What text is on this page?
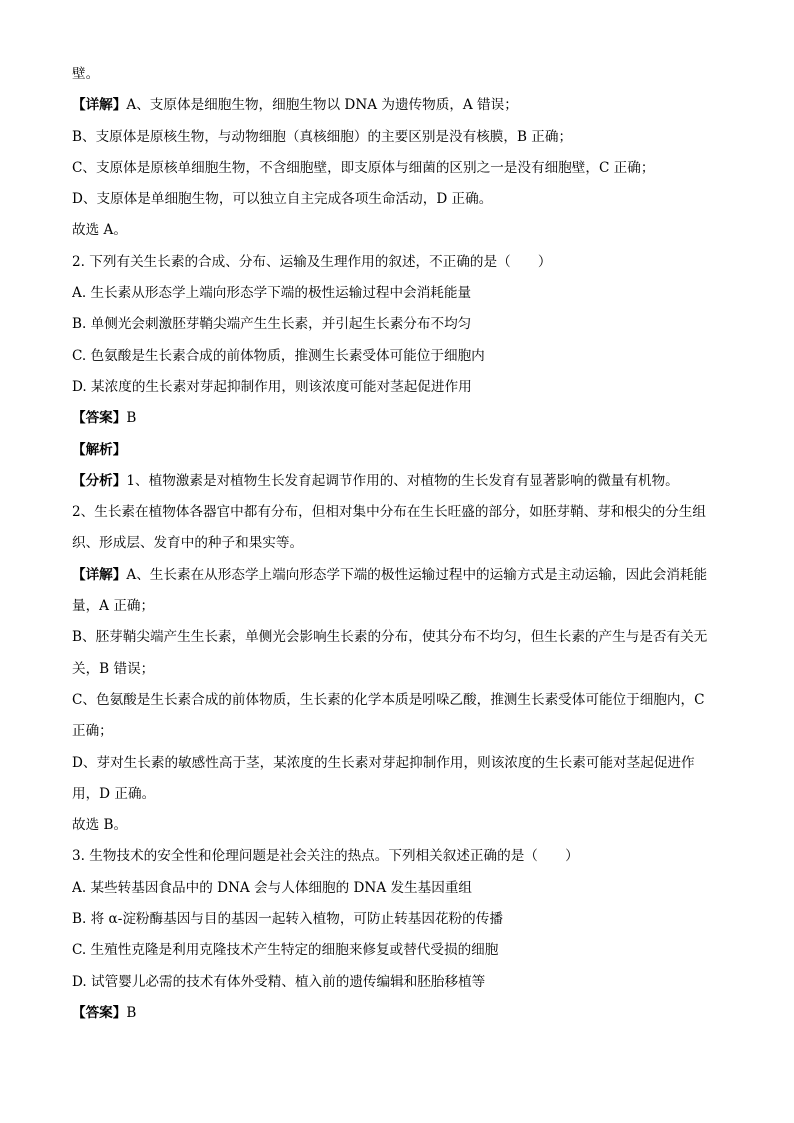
壁。
【详解】A、支原体是细胞生物，细胞生物以 DNA 为遗传物质，A 错误；
B、支原体是原核生物，与动物细胞（真核细胞）的主要区别是没有核膜，B 正确；
C、支原体是原核单细胞生物，不含细胞壁，即支原体与细菌的区别之一是没有细胞壁，C 正确；
D、支原体是单细胞生物，可以独立自主完成各项生命活动，D 正确。
故选 A。
2. 下列有关生长素的合成、分布、运输及生理作用的叙述，不正确的是（　　）
A. 生长素从形态学上端向形态学下端的极性运输过程中会消耗能量
B. 单侧光会刺激胚芽鞘尖端产生生长素，并引起生长素分布不均匀
C. 色氨酸是生长素合成的前体物质，推测生长素受体可能位于细胞内
D. 某浓度的生长素对芽起抑制作用，则该浓度可能对茎起促进作用
【答案】B
【解析】
【分析】1、植物激素是对植物生长发育起调节作用的、对植物的生长发育有显著影响的微量有机物。
2、生长素在植物体各器官中都有分布，但相对集中分布在生长旺盛的部分，如胚芽鞘、芽和根尖的分生组织、形成层、发育中的种子和果实等。
【详解】A、生长素在从形态学上端向形态学下端的极性运输过程中的运输方式是主动运输，因此会消耗能量，A 正确；
B、胚芽鞘尖端产生生长素，单侧光会影响生长素的分布，使其分布不均匀，但生长素的产生与是否有关无关，B 错误；
C、色氨酸是生长素合成的前体物质，生长素的化学本质是吲哚乙酸，推测生长素受体可能位于细胞内，C 正确；
D、芽对生长素的敏感性高于茎，某浓度的生长素对芽起抑制作用，则该浓度的生长素可能对茎起促进作用，D 正确。
故选 B。
3. 生物技术的安全性和伦理问题是社会关注的热点。下列相关叙述正确的是（　　）
A. 某些转基因食品中的 DNA 会与人体细胞的 DNA 发生基因重组
B. 将 α-淀粉酶基因与目的基因一起转入植物，可防止转基因花粉的传播
C. 生殖性克隆是利用克隆技术产生特定的细胞来修复或替代受损的细胞
D. 试管婴儿必需的技术有体外受精、植入前的遗传编辑和胚胎移植等
【答案】B
